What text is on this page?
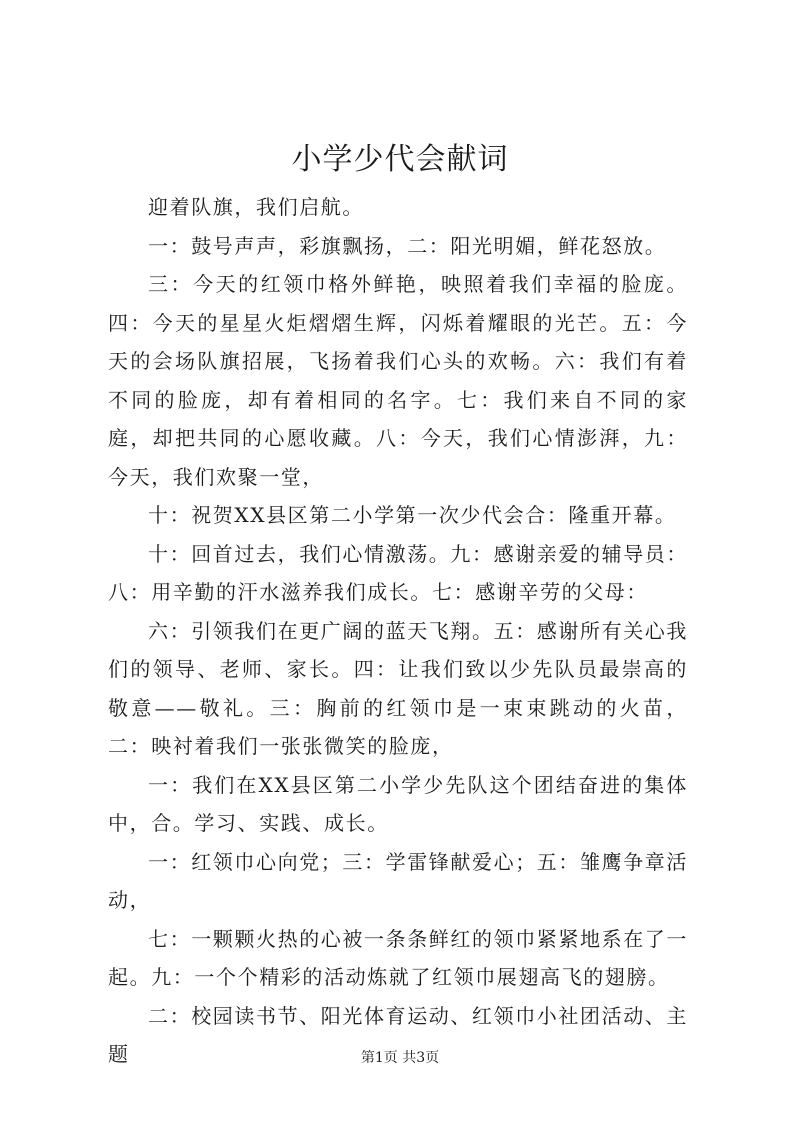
小学少代会献词

迎着队旗，我们启航。

一：鼓号声声，彩旗飘扬，二：阳光明媚，鲜花怒放。

三：今天的红领巾格外鲜艳，映照着我们幸福的脸庞。四：今天的星星火炬熠熠生辉，闪烁着耀眼的光芒。五：今天的会场队旗招展，飞扬着我们心头的欢畅。六：我们有着不同的脸庞，却有着相同的名字。七：我们来自不同的家庭，却把共同的心愿收藏。八：今天，我们心情澎湃，九：今天，我们欢聚一堂，

十：祝贺XX县区第二小学第一次少代会合：隆重开幕。

十：回首过去，我们心情激荡。九：感谢亲爱的辅导员：八：用辛勤的汗水滋养我们成长。七：感谢辛劳的父母：

六：引领我们在更广阔的蓝天飞翔。五：感谢所有关心我们的领导、老师、家长。四：让我们致以少先队员最崇高的敬意——敬礼。三：胸前的红领巾是一束束跳动的火苗，二：映衬着我们一张张微笑的脸庞，

一：我们在XX县区第二小学少先队这个团结奋进的集体中，合。学习、实践、成长。

一：红领巾心向党；三：学雷锋献爱心；五：雏鹰争章活动，

七：一颗颗火热的心被一条条鲜红的领巾紧紧地系在了一起。九：一个个精彩的活动炼就了红领巾展翅高飞的翅膀。

二：校园读书节、阳光体育运动、红领巾小社团活动、主题	第1页 共3页
